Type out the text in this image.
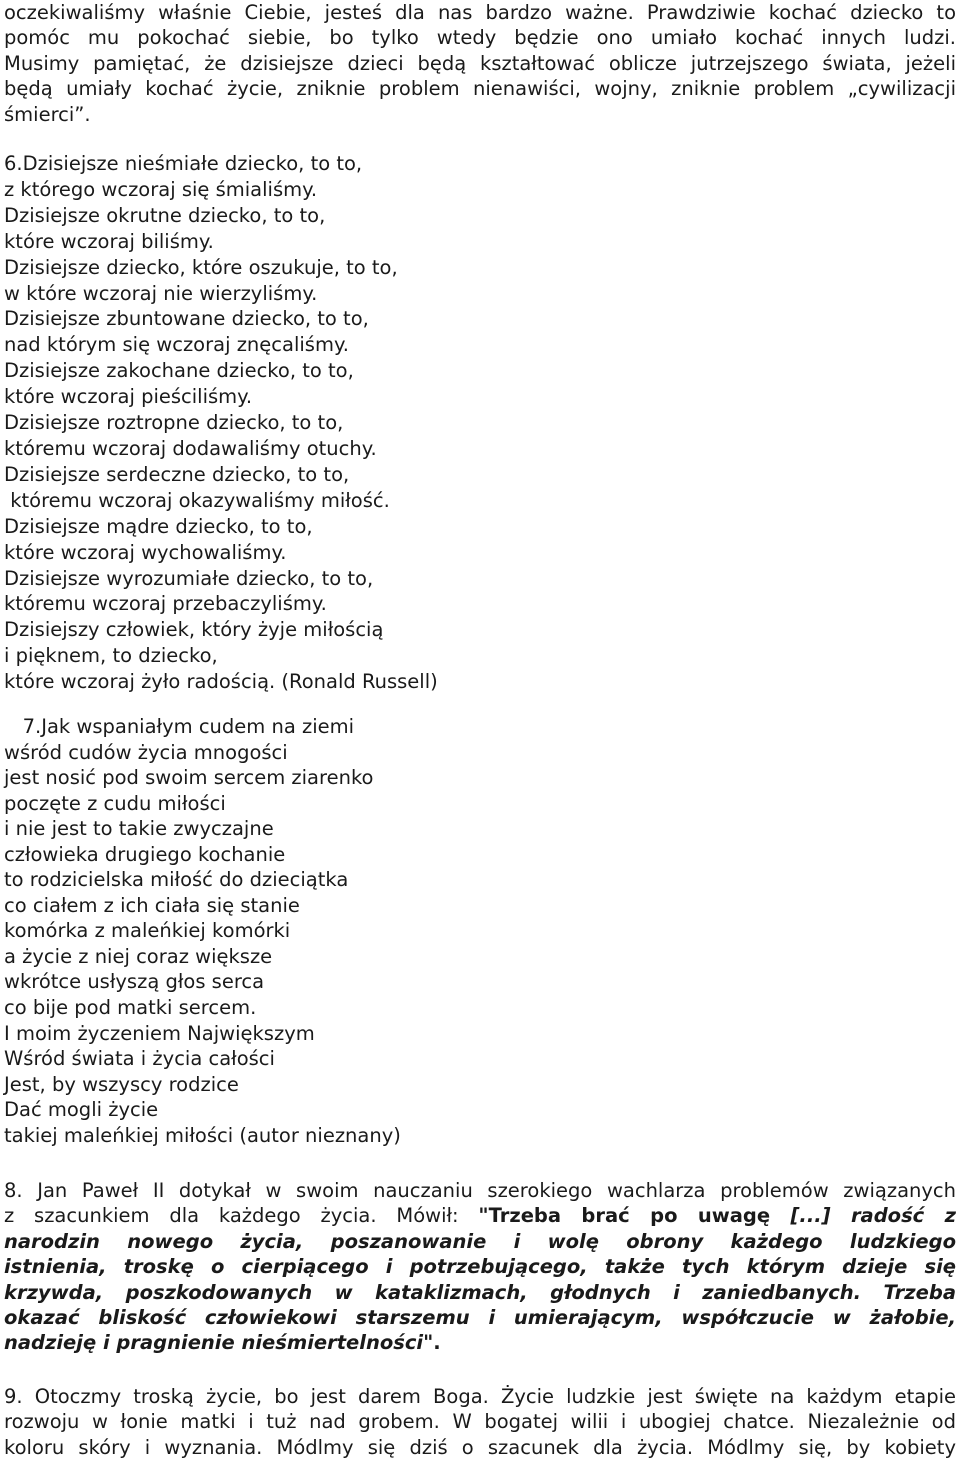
oczekiwaliśmy właśnie Ciebie, jesteś dla nas bardzo ważne. Prawdziwie kochać dziecko to

pomóc mu pokochać siebie, bo tylko wtedy będzie ono umiało kochać innych ludzi.

Musimy pamiętać, że dzisiejsze dzieci będą kształtować oblicze jutrzejszego świata, jeżeli

będą umiały kochać życie, zniknie problem nienawiści, wojny, zniknie problem „cywilizacji

śmierci”.

6.Dzisiejsze nieśmiałe dziecko, to to,

z którego wczoraj się śmialiśmy.

Dzisiejsze okrutne dziecko, to to,

które wczoraj biliśmy.

Dzisiejsze dziecko, które oszukuje, to to,

w które wczoraj nie wierzyliśmy.

Dzisiejsze zbuntowane dziecko, to to,

nad którym się wczoraj znęcaliśmy.

Dzisiejsze zakochane dziecko, to to,

które wczoraj pieściliśmy.

Dzisiejsze roztropne dziecko, to to,

któremu wczoraj dodawaliśmy otuchy.

Dzisiejsze serdeczne dziecko, to to,

któremu wczoraj okazywaliśmy miłość.

Dzisiejsze mądre dziecko, to to,

które wczoraj wychowaliśmy.

Dzisiejsze wyrozumiałe dziecko, to to,

któremu wczoraj przebaczyliśmy.

Dzisiejszy człowiek, który żyje miłością

i pięknem, to dziecko,

które wczoraj żyło radością. (Ronald Russell)

7.Jak wspaniałym cudem na ziemi

wśród cudów życia mnogości

jest nosić pod swoim sercem ziarenko

poczęte z cudu miłości

i nie jest to takie zwyczajne

człowieka drugiego kochanie

to rodzicielska miłość do dzieciątka

co ciałem z ich ciała się stanie

komórka z maleńkiej komórki

a życie z niej coraz większe

wkrótce usłyszą głos serca

co bije pod matki sercem.

I moim życzeniem Największym

Wśród świata i życia całości

Jest, by wszyscy rodzice

Dać mogli życie

takiej maleńkiej miłości (autor nieznany)

8. Jan Paweł II dotykał w swoim nauczaniu szerokiego wachlarza problemów związanych

z szacunkiem dla każdego życia. Mówił: "Trzeba brać po uwagę [...] radość z

narodzin nowego życia, poszanowanie i wolę obrony każdego ludzkiego

istnienia, troskę o cierpiącego i potrzebującego, także tych którym dzieje się

krzywda, poszkodowanych w kataklizmach, głodnych i zaniedbanych. Trzeba

okazać bliskość człowiekowi starszemu i umierającym, współczucie w żałobie,

nadzieję i pragnienie nieśmiertelności".

9. Otoczmy troską życie, bo jest darem Boga. Życie ludzkie jest święte na każdym etapie

rozwoju w łonie matki i tuż nad grobem. W bogatej wilii i ubogiej chatce. Niezależnie od

koloru skóry i wyznania. Módlmy się dziś o szacunek dla życia. Módlmy się, by kobiety
